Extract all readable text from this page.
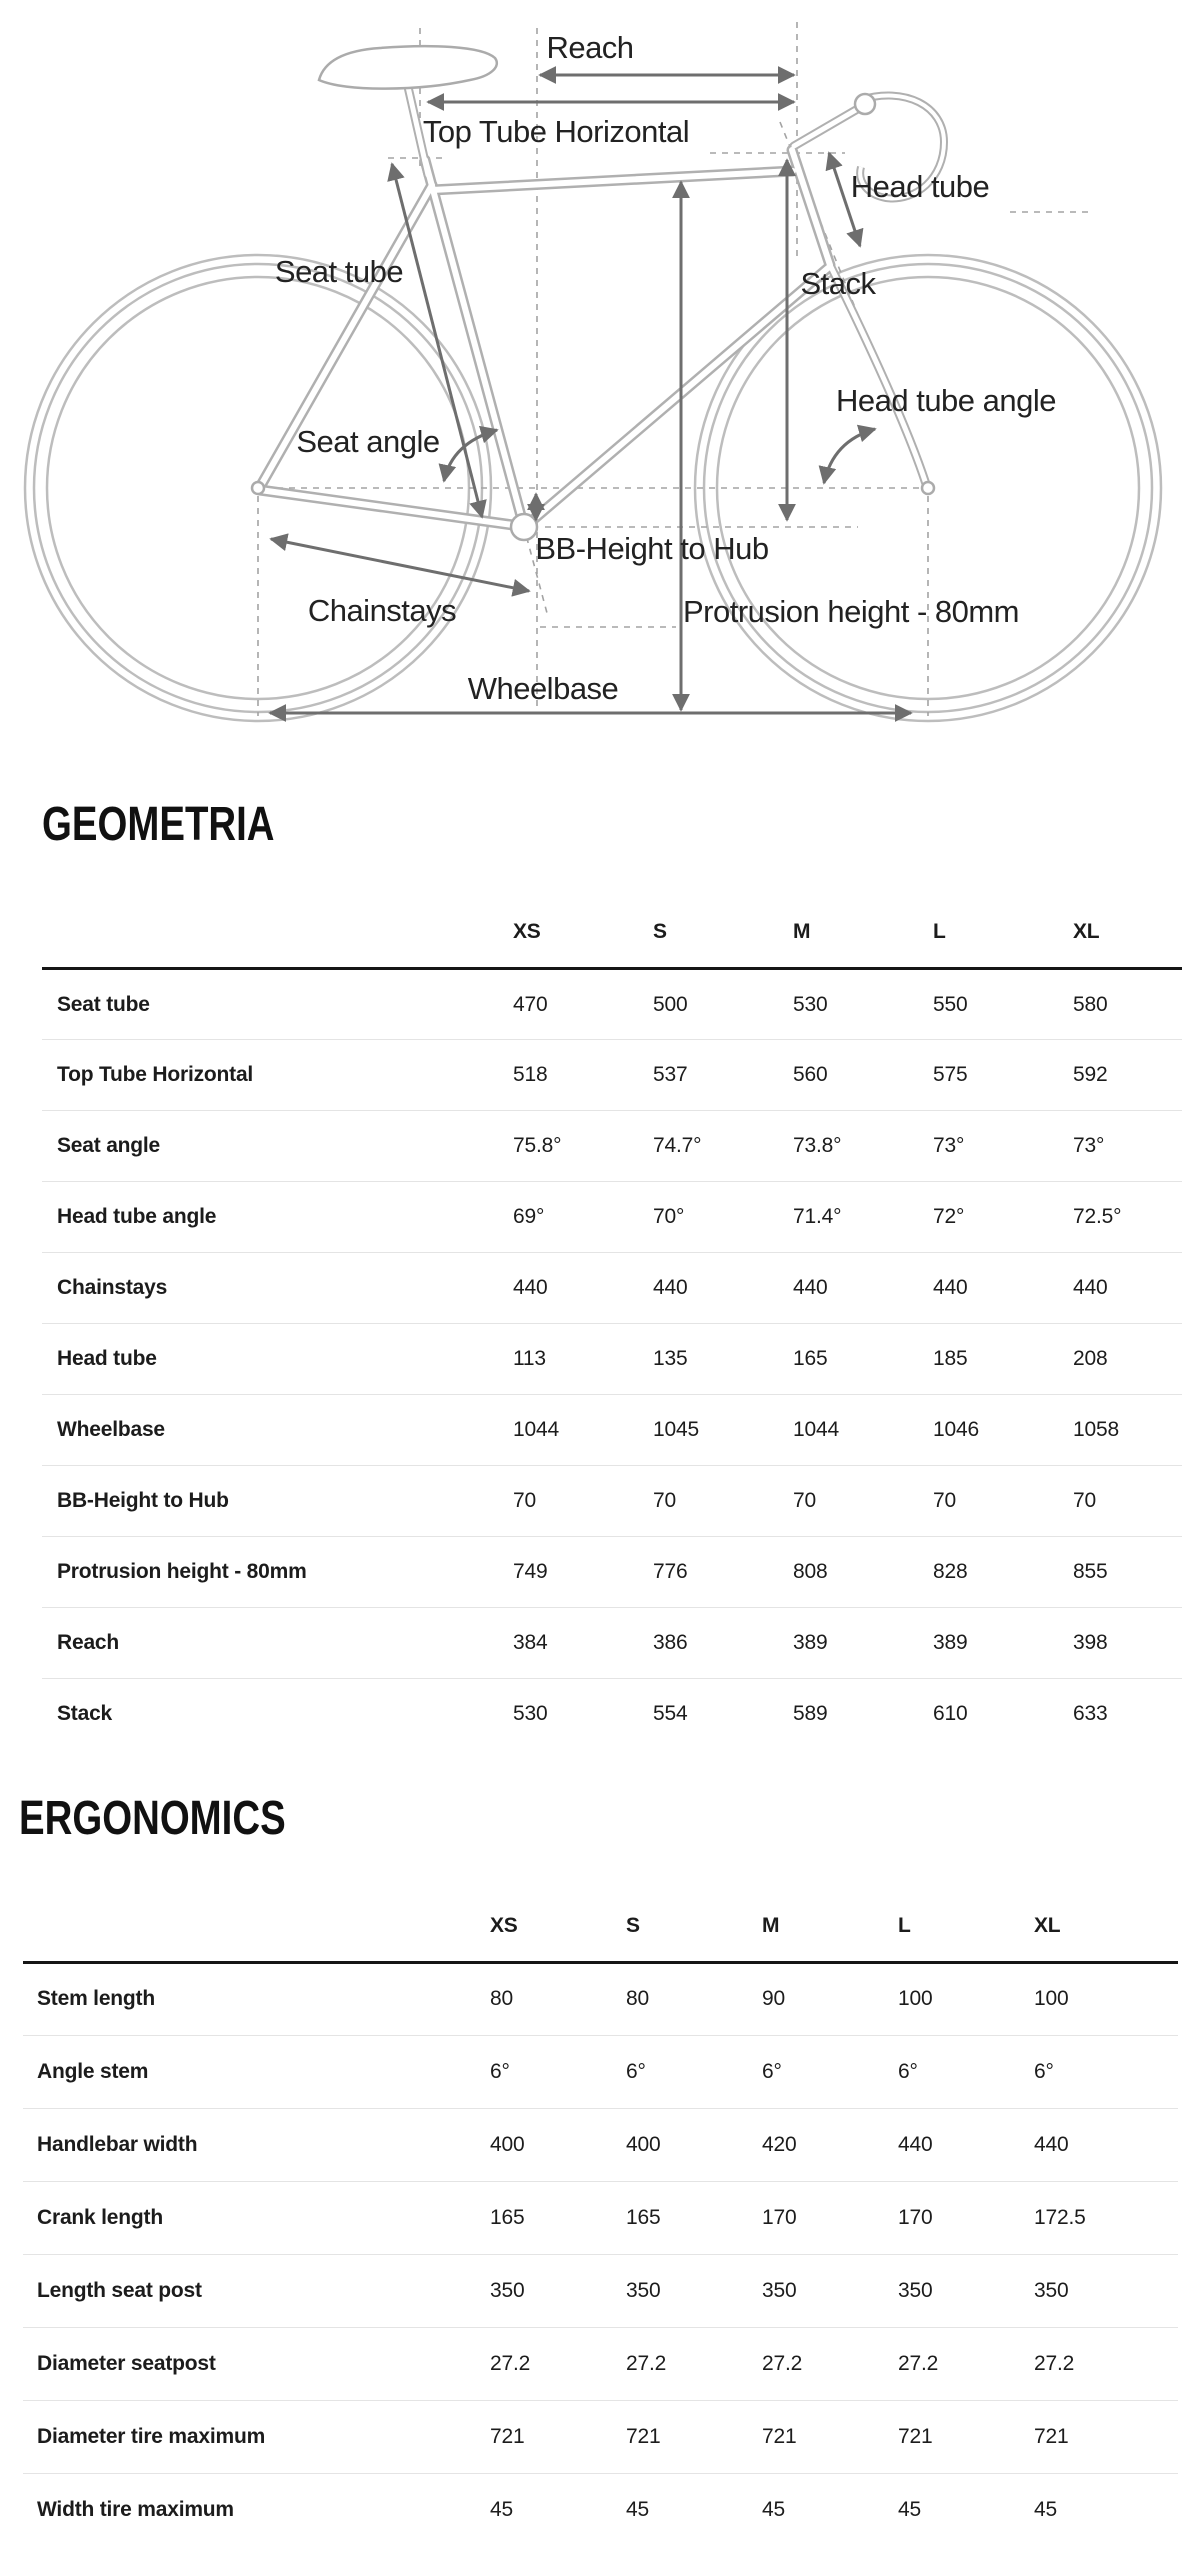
Reach
Top Tube Horizontal
Head tube
Seat tube	Stack
Head tube angle
Seat angle
BB-Height to Hub
Chainstays	Protrusion height - 80mm
Wheelbase
GEOMETRIA
	XS	S	M	L	XL
Seat tube	470	500	530	550	580
Top Tube Horizontal	518	537	560	575	592
Seat angle	75.8°	74.7°	73.8°	73°	73°
Head tube angle	69°	70°	71.4°	72°	72.5°
Chainstays	440	440	440	440	440
Head tube	113	135	165	185	208
Wheelbase	1044	1045	1044	1046	1058
BB-Height to Hub	70	70	70	70	70
Protrusion height - 80mm	749	776	808	828	855
Reach	384	386	389	389	398
Stack	530	554	589	610	633
ERGONOMICS
	XS	S	M	L	XL
Stem length	80	80	90	100	100
Angle stem	6°	6°	6°	6°	6°
Handlebar width	400	400	420	440	440
Crank length	165	165	170	170	172.5
Length seat post	350	350	350	350	350
Diameter seatpost	27.2	27.2	27.2	27.2	27.2
Diameter tire maximum	721	721	721	721	721
Width tire maximum	45	45	45	45	45
